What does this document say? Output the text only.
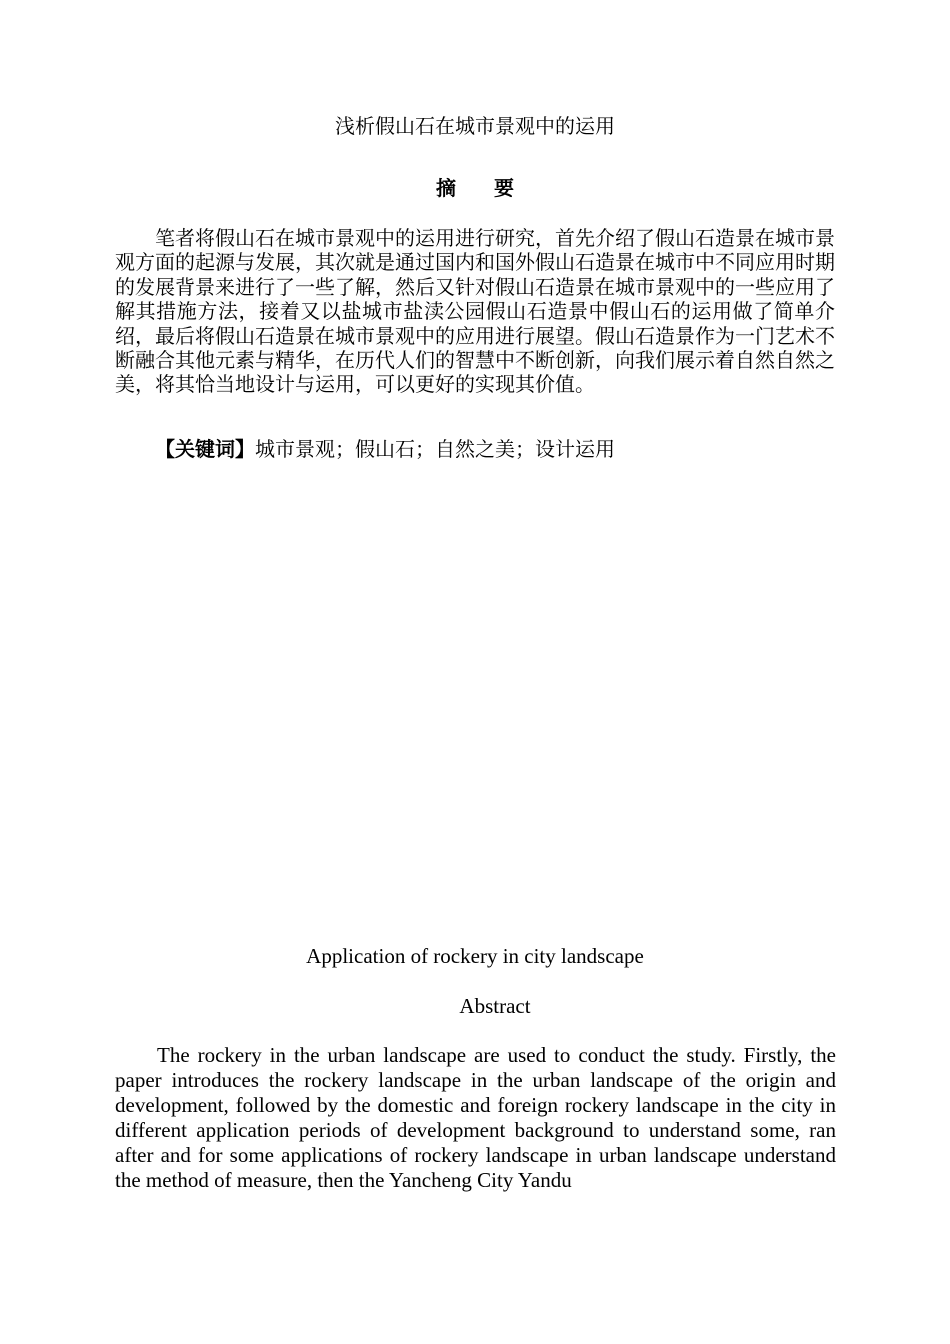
浅析假山石在城市景观中的运用
摘要
笔者将假山石在城市景观中的运用进行研究，首先介绍了假山石造景在城市景观方面的起源与发展，其次就是通过国内和国外假山石造景在城市中不同应用时期的发展背景来进行了一些了解，然后又针对假山石造景在城市景观中的一些应用了解其措施方法，接着又以盐城市盐渎公园假山石造景中假山石的运用做了简单介绍，最后将假山石造景在城市景观中的应用进行展望。假山石造景作为一门艺术不断融合其他元素与精华，在历代人们的智慧中不断创新，向我们展示着自然自然之美，将其恰当地设计与运用，可以更好的实现其价值。
【关键词】城市景观；假山石；自然之美；设计运用
Application of rockery in city landscape
Abstract
The rockery in the urban landscape are used to conduct the study. Firstly, the paper introduces the rockery landscape in the urban landscape of the origin and development, followed by the domestic and foreign rockery landscape in the city in different application periods of development background to understand some, ran after and for some applications of rockery landscape in urban landscape understand the method of measure, then the Yancheng City Yandu
